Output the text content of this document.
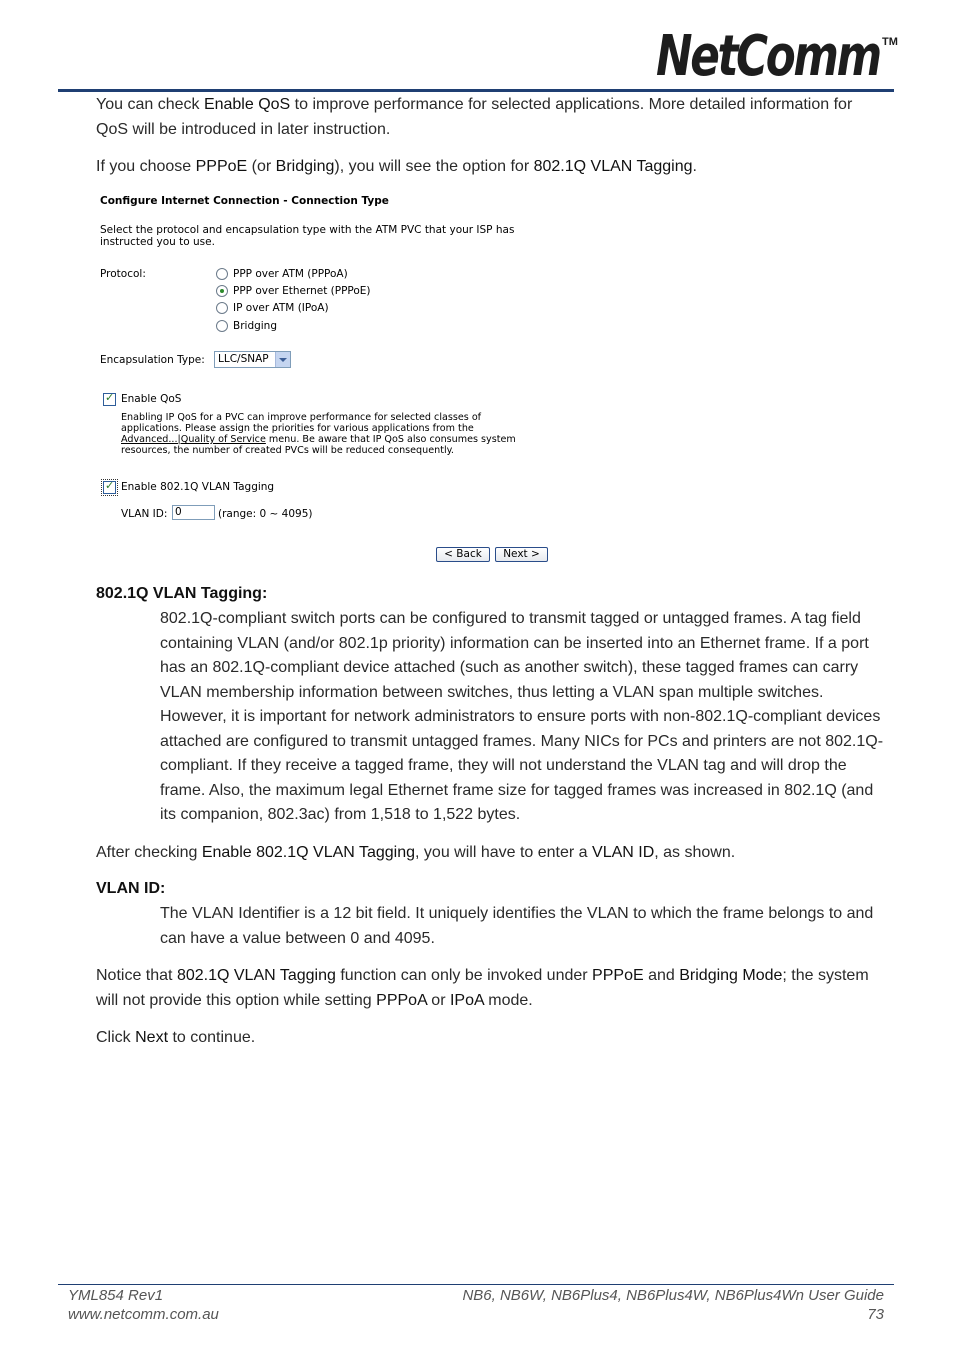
NetComm TM

You can check Enable QoS to improve performance for selected applications. More detailed information for QoS will be introduced in later instruction.

If you choose PPPoE (or Bridging), you will see the option for 802.1Q VLAN Tagging.

Configure Internet Connection - Connection Type
Select the protocol and encapsulation type with the ATM PVC that your ISP has
instructed you to use.
Protocol:	PPP over ATM (PPPoA)
PPP over Ethernet (PPPoE)
IP over ATM (IPoA)
Bridging
Encapsulation Type: LLC/SNAP
✓
Enable QoS
Enabling IP QoS for a PVC can improve performance for selected classes of
applications. Please assign the priorities for various applications from the
Advanced...|Quality of Service menu. Be aware that IP QoS also consumes system
resources, the number of created PVCs will be reduced consequently.
✓
Enable 802.1Q VLAN Tagging
VLAN ID: 0	(range: 0 ~ 4095)
< Back	Next >
802.1Q VLAN Tagging:
802.1Q-compliant switch ports can be configured to transmit tagged or untagged frames. A tag field containing VLAN (and/or 802.1p priority) information can be inserted into an Ethernet frame. If a port has an 802.1Q-compliant device attached (such as another switch), these tagged frames can carry VLAN membership information between switches, thus letting a VLAN span multiple switches. However, it is important for network administrators to ensure ports with non-802.1Q-compliant devices attached are configured to transmit untagged frames. Many NICs for PCs and printers are not 802.1Q-compliant. If they receive a tagged frame, they will not understand the VLAN tag and will drop the frame. Also, the maximum legal Ethernet frame size for tagged frames was increased in 802.1Q (and its companion, 802.3ac) from 1,518 to 1,522 bytes.

After checking Enable 802.1Q VLAN Tagging, you will have to enter a VLAN ID, as shown.

VLAN ID:
The VLAN Identifier is a 12 bit field. It uniquely identifies the VLAN to which the frame belongs to and can have a value between 0 and 4095.

Notice that 802.1Q VLAN Tagging function can only be invoked under PPPoE and Bridging Mode; the system will not provide this option while setting PPPoA or IPoA mode.

Click Next to continue.

YML854 Rev1
www.netcomm.com.au
NB6, NB6W, NB6Plus4, NB6Plus4W, NB6Plus4Wn User Guide
73
